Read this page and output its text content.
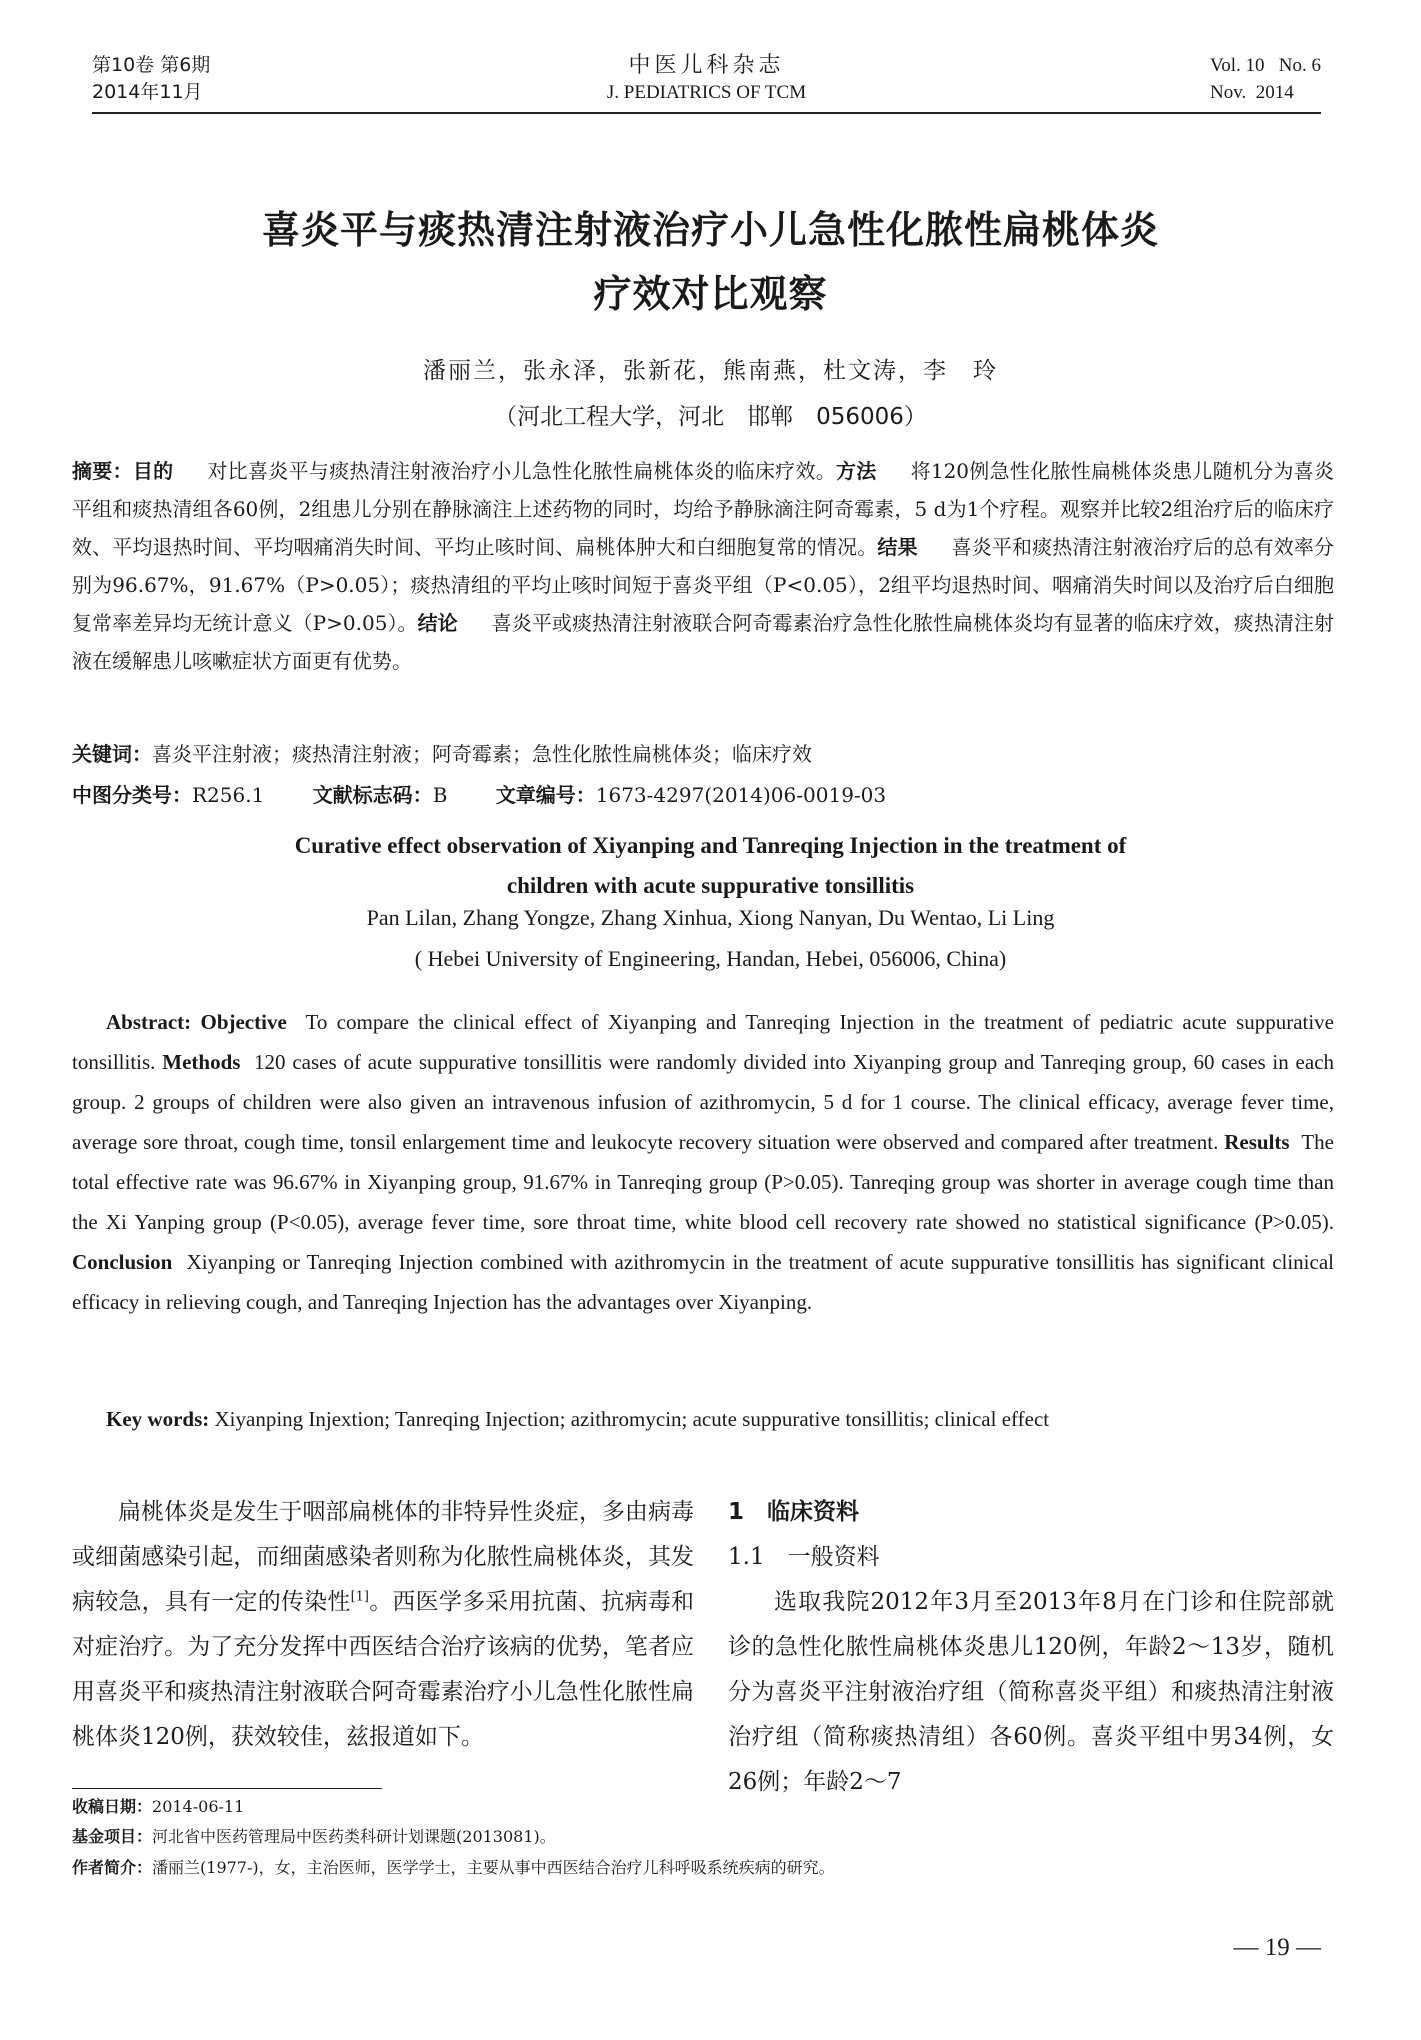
第10卷 第6期
2014年11月
中医儿科杂志
J. PEDIATRICS OF TCM
Vol. 10   No. 6
Nov.  2014
喜炎平与痰热清注射液治疗小儿急性化脓性扁桃体炎
疗效对比观察
潘丽兰，张永泽，张新花，熊南燕，杜文涛，李　玲
（河北工程大学，河北　邯郸　056006）
摘要：目的 对比喜炎平与痰热清注射液治疗小儿急性化脓性扁桃体炎的临床疗效。方法 将120例急性化脓性扁桃体炎患儿随机分为喜炎平组和痰热清组各60例，2组患儿分别在静脉滴注上述药物的同时，均给予静脉滴注阿奇霉素，5 d为1个疗程。观察并比较2组治疗后的临床疗效、平均退热时间、平均咽痛消失时间、平均止咳时间、扁桃体肿大和白细胞复常的情况。结果 喜炎平和痰热清注射液治疗后的总有效率分别为96.67%，91.67%（P>0.05）；痰热清组的平均止咳时间短于喜炎平组（P<0.05），2组平均退热时间、咽痛消失时间以及治疗后白细胞复常率差异均无统计意义（P>0.05）。结论 喜炎平或痰热清注射液联合阿奇霉素治疗急性化脓性扁桃体炎均有显著的临床疗效，痰热清注射液在缓解患儿咳嗽症状方面更有优势。
关键词：喜炎平注射液；痰热清注射液；阿奇霉素；急性化脓性扁桃体炎；临床疗效
中图分类号：R256.1 文献标志码：B 文章编号：1673-4297(2014)06-0019-03
Curative effect observation of Xiyanping and Tanreqing Injection in the treatment of
children with acute suppurative tonsillitis
Pan Lilan, Zhang Yongze, Zhang Xinhua, Xiong Nanyan, Du Wentao, Li Ling
( Hebei University of Engineering, Handan, Hebei, 056006, China)
Abstract: Objective To compare the clinical effect of Xiyanping and Tanreqing Injection in the treatment of pediatric acute suppurative tonsillitis. Methods 120 cases of acute suppurative tonsillitis were randomly divided into Xiyanping group and Tanreqing group, 60 cases in each group. 2 groups of children were also given an intravenous infusion of azithromycin, 5 d for 1 course. The clinical efficacy, average fever time, average sore throat, cough time, tonsil enlargement time and leukocyte recovery situation were observed and compared after treatment. Results The total effective rate was 96.67% in Xiyanping group, 91.67% in Tanreqing group (P>0.05). Tanreqing group was shorter in average cough time than the Xi Yanping group (P<0.05), average fever time, sore throat time, white blood cell recovery rate showed no statistical significance (P>0.05). Conclusion Xiyanping or Tanreqing Injection combined with azithromycin in the treatment of acute suppurative tonsillitis has significant clinical efficacy in relieving cough, and Tanreqing Injection has the advantages over Xiyanping.
Key words: Xiyanping Injextion; Tanreqing Injection; azithromycin; acute suppurative tonsillitis; clinical effect

扁桃体炎是发生于咽部扁桃体的非特异性炎症，多由病毒或细菌感染引起，而细菌感染者则称为化脓性扁桃体炎，其发病较急，具有一定的传染性[1]。西医学多采用抗菌、抗病毒和对症治疗。为了充分发挥中西医结合治疗该病的优势，笔者应用喜炎平和痰热清注射液联合阿奇霉素治疗小儿急性化脓性扁桃体炎120例，获效较佳，兹报道如下。

1　临床资料
1.1　一般资料

选取我院2012年3月至2013年8月在门诊和住院部就诊的急性化脓性扁桃体炎患儿120例，年龄2～13岁，随机分为喜炎平注射液治疗组（简称喜炎平组）和痰热清注射液治疗组（简称痰热清组）各60例。喜炎平组中男34例，女26例；年龄2～7

收稿日期：2014-06-11
基金项目：河北省中医药管理局中医药类科研计划课题(2013081)。
作者简介：潘丽兰(1977-)，女，主治医师，医学学士，主要从事中西医结合治疗儿科呼吸系统疾病的研究。
— 19 —
